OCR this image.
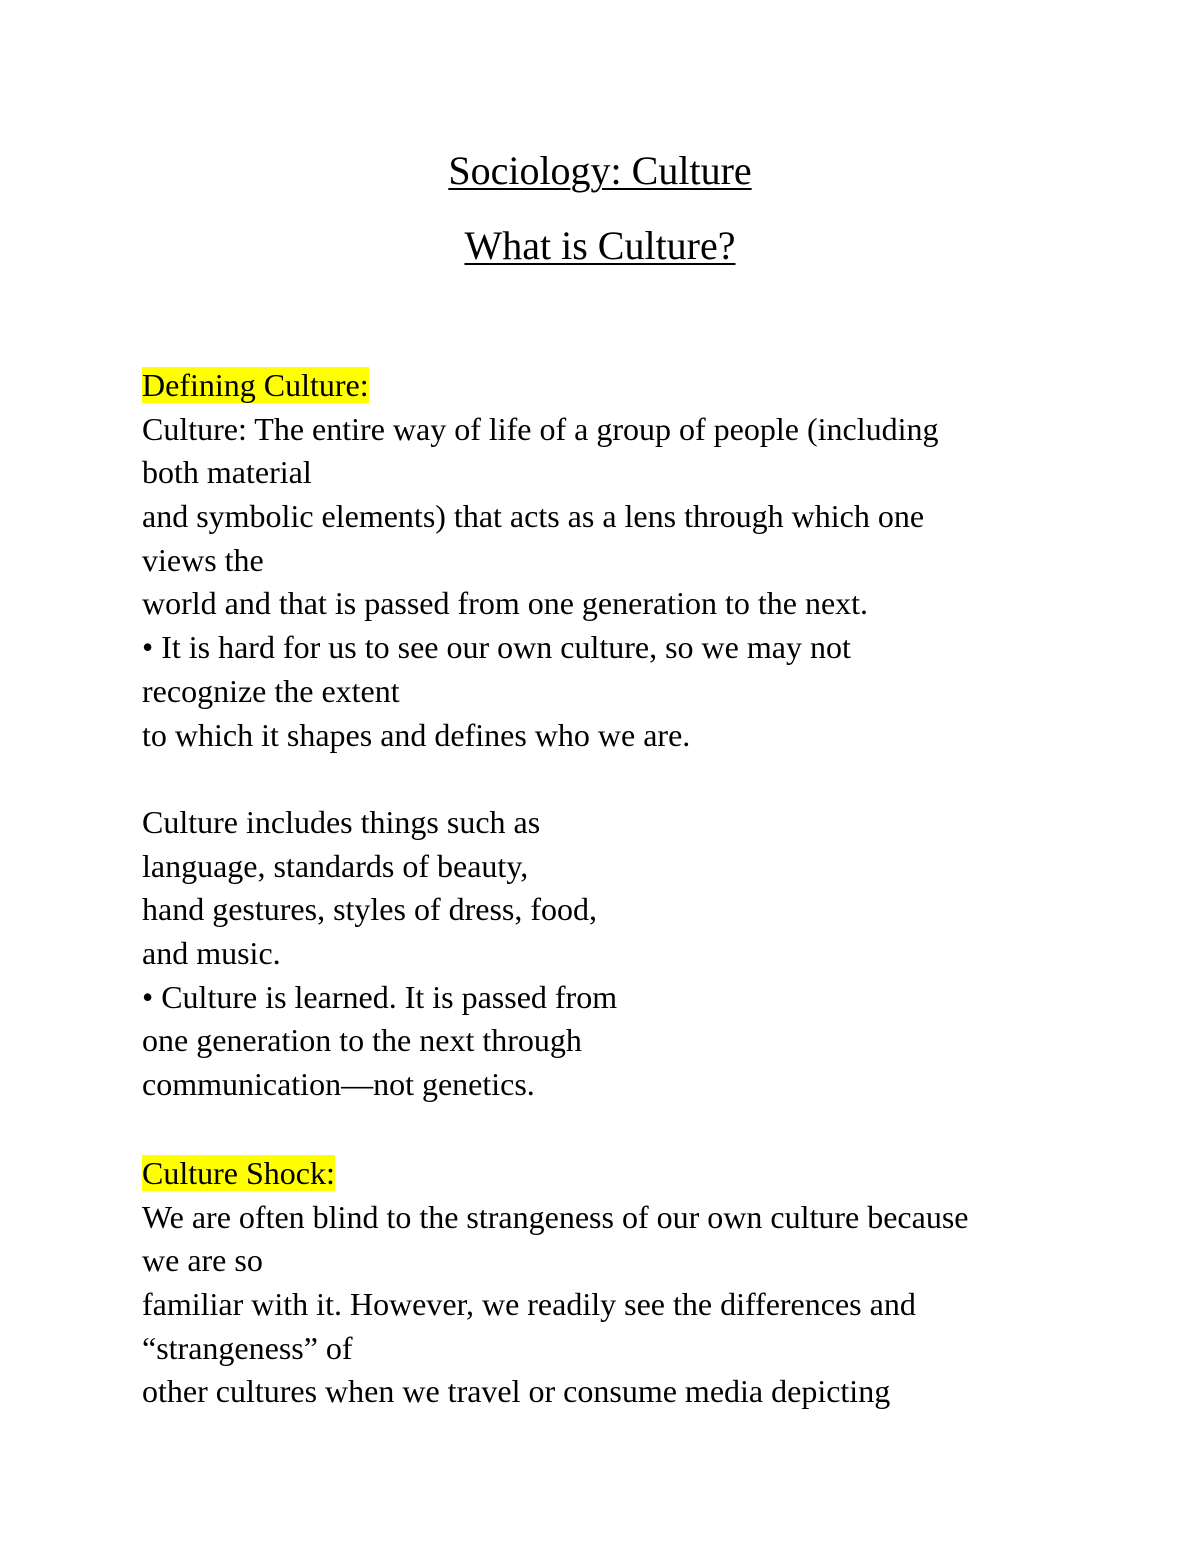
Sociology: Culture
What is Culture?
Defining Culture:
Culture: The entire way of life of a group of people (including
both material
and symbolic elements) that acts as a lens through which one
views the
world and that is passed from one generation to the next.
• It is hard for us to see our own culture, so we may not
recognize the extent
to which it shapes and defines who we are.
Culture includes things such as
language, standards of beauty,
hand gestures, styles of dress, food,
and music.
• Culture is learned. It is passed from
one generation to the next through
communication—not genetics.
Culture Shock:
We are often blind to the strangeness of our own culture because
we are so
familiar with it. However, we readily see the differences and
“strangeness” of
other cultures when we travel or consume media depicting
